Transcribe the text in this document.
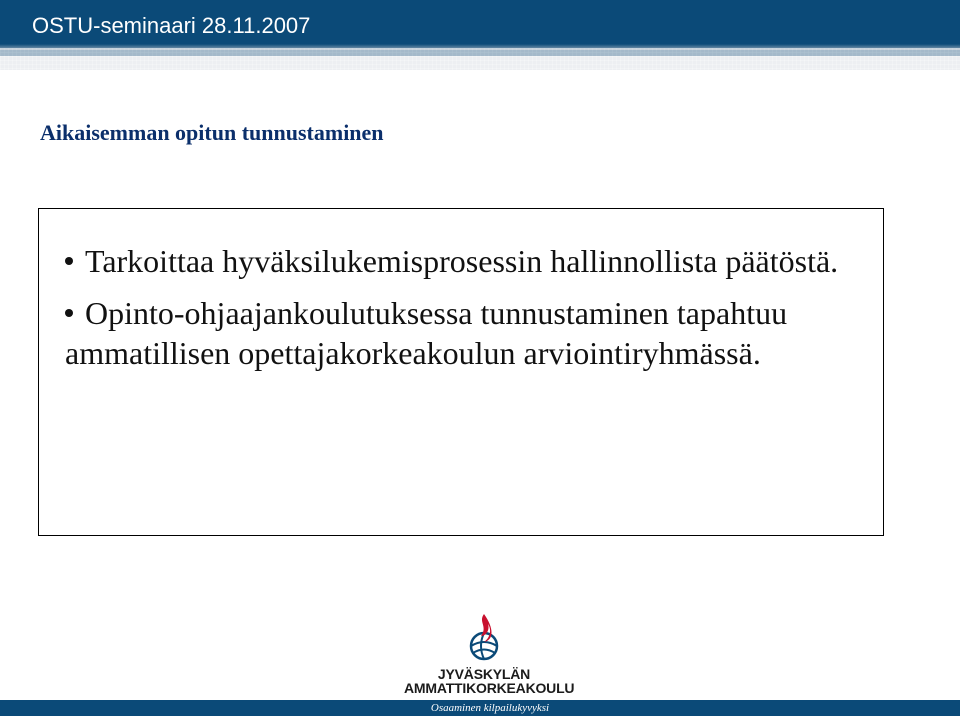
OSTU-seminaari 28.11.2007
Aikaisemman opitun tunnustaminen
Tarkoittaa hyväksilukemisprosessin hallinnollista päätöstä.
Opinto-ohjaajankoulutuksessa tunnustaminen tapahtuu ammatillisen opettajakorkeakoulun arviointiryhmässä.
JYVÄSKYLÄN
AMMATTIKORKEAKOULU
Osaaminen kilpailukyvyksi
